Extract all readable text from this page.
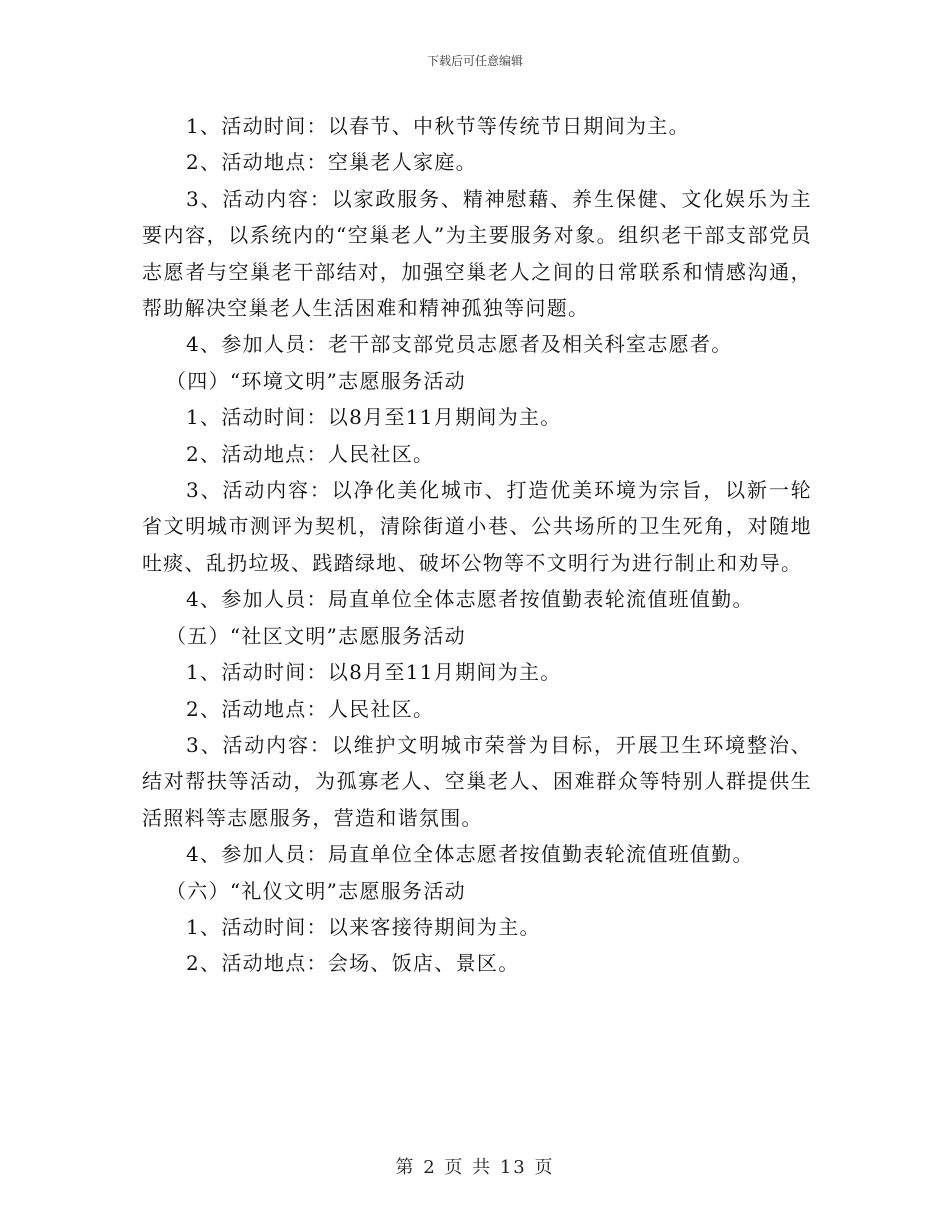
下载后可任意编辑

1、活动时间：以春节、中秋节等传统节日期间为主。

2、活动地点：空巢老人家庭。

3、活动内容：以家政服务、精神慰藉、养生保健、文化娱乐为主要内容，以系统内的“空巢老人”为主要服务对象。组织老干部支部党员志愿者与空巢老干部结对，加强空巢老人之间的日常联系和情感沟通，帮助解决空巢老人生活困难和精神孤独等问题。

4、参加人员：老干部支部党员志愿者及相关科室志愿者。

（四）“环境文明”志愿服务活动

1、活动时间：以8月至11月期间为主。

2、活动地点：人民社区。

3、活动内容：以净化美化城市、打造优美环境为宗旨，以新一轮省文明城市测评为契机，清除街道小巷、公共场所的卫生死角，对随地吐痰、乱扔垃圾、践踏绿地、破坏公物等不文明行为进行制止和劝导。

4、参加人员：局直单位全体志愿者按值勤表轮流值班值勤。

（五）“社区文明”志愿服务活动

1、活动时间：以8月至11月期间为主。

2、活动地点：人民社区。

3、活动内容：以维护文明城市荣誉为目标，开展卫生环境整治、结对帮扶等活动，为孤寡老人、空巢老人、困难群众等特别人群提供生活照料等志愿服务，营造和谐氛围。

4、参加人员：局直单位全体志愿者按值勤表轮流值班值勤。

（六）“礼仪文明”志愿服务活动

1、活动时间：以来客接待期间为主。

2、活动地点：会场、饭店、景区。

第 2 页 共 13 页
